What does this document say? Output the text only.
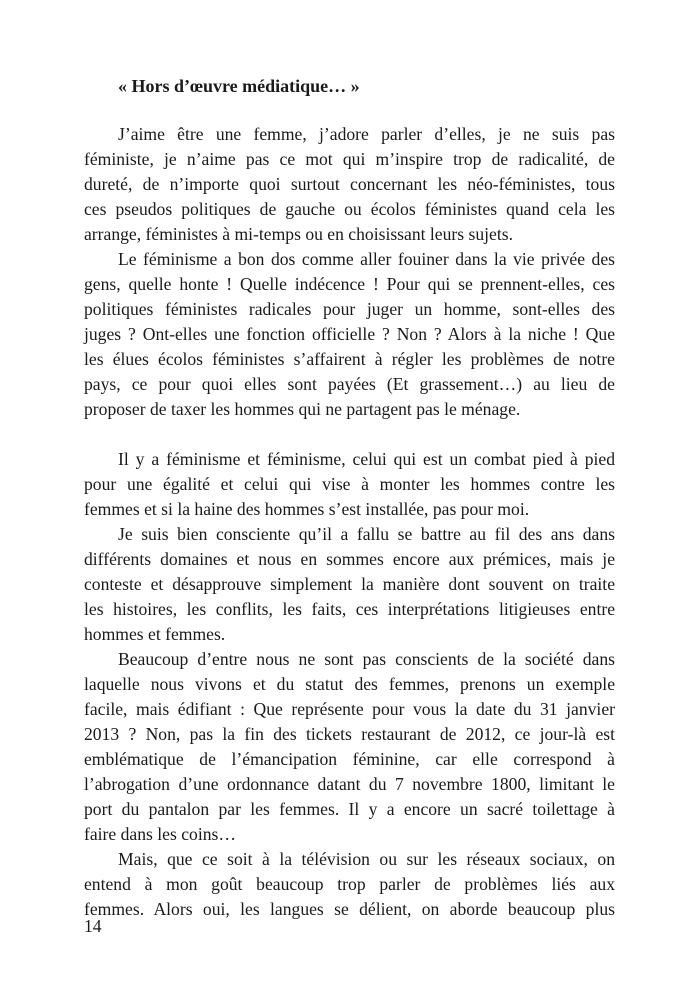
« Hors d’œuvre médiatique… »
J’aime être une femme, j’adore parler d’elles, je ne suis pas
féministe, je n’aime pas ce mot qui m’inspire trop de radicalité, de
dureté, de n’importe quoi surtout concernant les néo-féministes, tous
ces pseudos politiques de gauche ou écolos féministes quand cela les
arrange, féministes à mi-temps ou en choisissant leurs sujets.
Le féminisme a bon dos comme aller fouiner dans la vie privée des
gens, quelle honte ! Quelle indécence ! Pour qui se prennent-elles, ces
politiques féministes radicales pour juger un homme, sont-elles des
juges ? Ont-elles une fonction officielle ? Non ? Alors à la niche ! Que
les élues écolos féministes s’affairent à régler les problèmes de notre
pays, ce pour quoi elles sont payées (Et grassement…) au lieu de
proposer de taxer les hommes qui ne partagent pas le ménage.
Il y a féminisme et féminisme, celui qui est un combat pied à pied
pour une égalité et celui qui vise à monter les hommes contre les
femmes et si la haine des hommes s’est installée, pas pour moi.
Je suis bien consciente qu’il a fallu se battre au fil des ans dans
différents domaines et nous en sommes encore aux prémices, mais je
conteste et désapprouve simplement la manière dont souvent on traite
les histoires, les conflits, les faits, ces interprétations litigieuses entre
hommes et femmes.
Beaucoup d’entre nous ne sont pas conscients de la société dans
laquelle nous vivons et du statut des femmes, prenons un exemple
facile, mais édifiant : Que représente pour vous la date du 31 janvier
2013 ? Non, pas la fin des tickets restaurant de 2012, ce jour-là est
emblématique de l’émancipation féminine, car elle correspond à
l’abrogation d’une ordonnance datant du 7 novembre 1800, limitant le
port du pantalon par les femmes. Il y a encore un sacré toilettage à
faire dans les coins…
Mais, que ce soit à la télévision ou sur les réseaux sociaux, on
entend à mon goût beaucoup trop parler de problèmes liés aux
femmes. Alors oui, les langues se délient, on aborde beaucoup plus
14
